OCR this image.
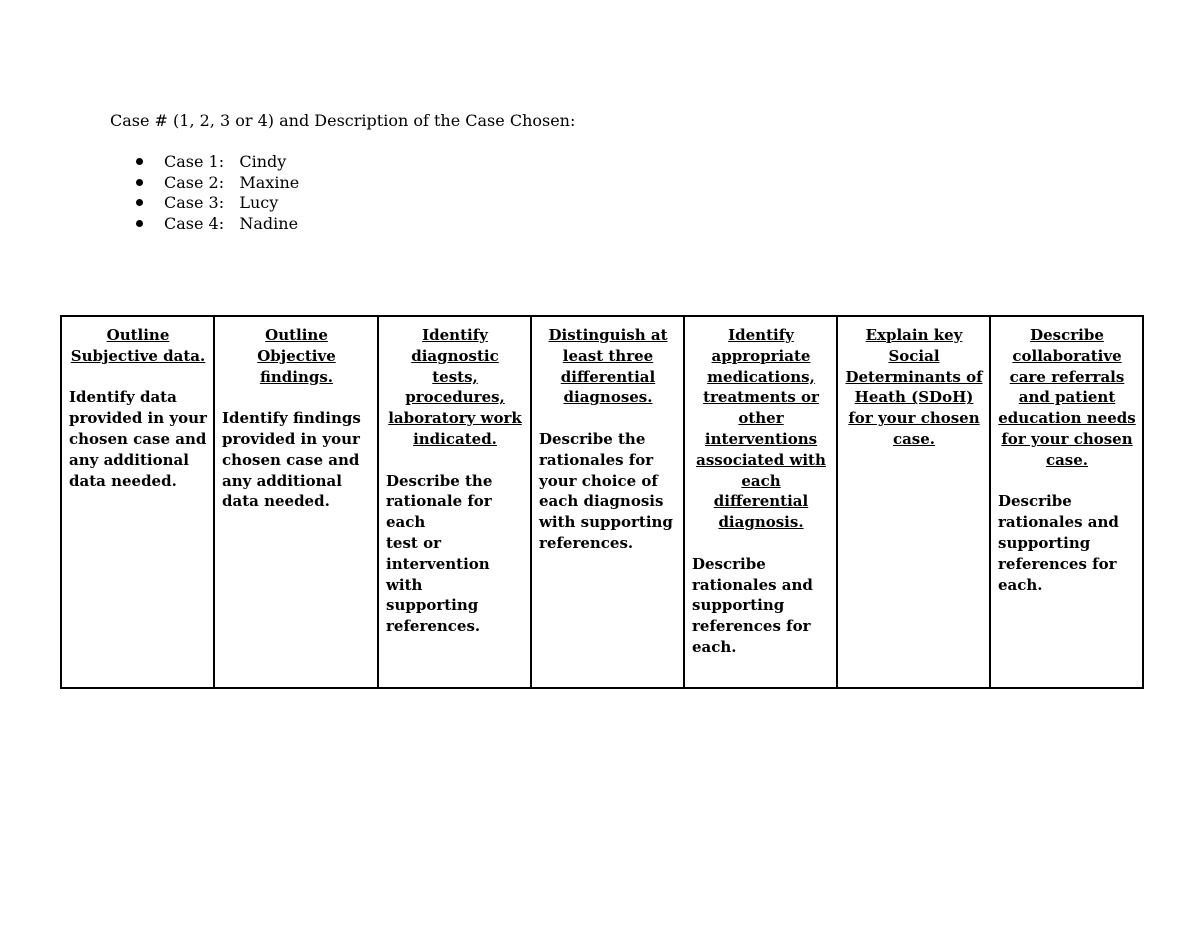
Case # (1, 2, 3 or 4) and Description of the Case Chosen:

Case 1:   Cindy
Case 2:   Maxine
Case 3:   Lucy
Case 4:   Nadine
Outline
Subjective data.
Identify data
provided in your
chosen case and
any additional
data needed.

Outline
Objective findings.
Identify findings
provided in your
chosen case and
any additional
data needed.

Identify
diagnostic tests,
procedures,
laboratory work
indicated.
Describe the
rationale for each
test or
intervention with
supporting
references.

Distinguish at
least three
differential
diagnoses.
Describe the
rationales for
your choice of
each diagnosis
with supporting
references.

Identify
appropriate
medications,
treatments or
other
interventions
associated with
each differential
diagnosis.
Describe
rationales and
supporting
references for
each.

Explain key
Social
Determinants of
Heath (SDoH)
for your chosen
case.

Describe
collaborative
care referrals
and patient
education needs
for your chosen
case.
Describe
rationales and
supporting
references for
each.
